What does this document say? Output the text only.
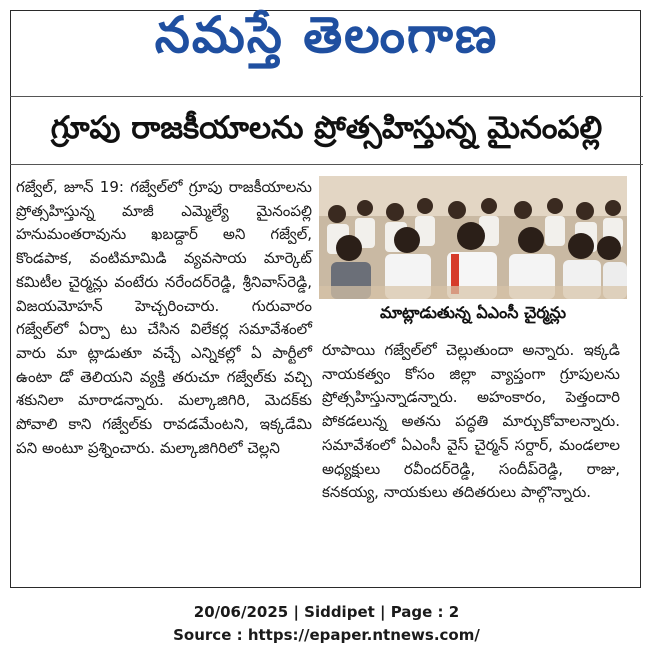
నమస్తే తెలంగాణ
గ్రూపు రాజకీయాలను ప్రోత్సహిస్తున్న మైనంపల్లి
గజ్వేల్, జూన్ 19: గజ్వేల్‌లో గ్రూపు రాజకీయాలను ప్రోత్సహిస్తున్న మాజీ ఎమ్మెల్యే మైనంపల్లి హనుమంతరావును ఖబడ్దార్ అని గజ్వేల్, కొండపాక, వంటిమామిడి వ్యవసాయ మార్కెట్ కమిటీల చైర్మన్లు వంటేరు నరేందర్‌రెడ్డి, శ్రీనివాస్‌రెడ్డి, విజయమోహన్ హెచ్చరించారు. గురువారం గజ్వేల్‌లో ఏర్పా టు చేసిన విలేకర్ల సమావేశంలో వారు మా ట్లాడుతూ వచ్చే ఎన్నికల్లో ఏ పార్టీలో ఉంటా డో తెలియని వ్యక్తి తరుచూ గజ్వేల్‌కు వచ్చి శకునిలా మారాడన్నారు. మల్కాజిగిరి, మెదక్‌కు పోవాలి కాని గజ్వేల్‌కు రావడమేంటని, ఇక్కడేమి పని అంటూ ప్రశ్నించారు. మల్కాజిగిరిలో చెల్లని
మాట్లాడుతున్న ఏఎంసీ చైర్మన్లు
రూపాయి గజ్వేల్‌లో చెల్లుతుందా అన్నారు. ఇక్కడి నాయకత్వం కోసం జిల్లా వ్యాప్తంగా గ్రూపులను ప్రోత్సహిస్తున్నాడన్నారు. అహంకారం, పెత్తందారి పోకడలున్న అతను పద్ధతి మార్చుకోవాలన్నారు. సమావేశంలో ఏఎంసీ వైస్ చైర్మన్ సర్దార్, మండలాల అధ్యక్షులు రవీందర్‌రెడ్డి, సందీప్‌రెడ్డి, రాజు, కనకయ్య, నాయకులు తదితరులు పాల్గొన్నారు.
20/06/2025 | Siddipet | Page : 2
Source : https://epaper.ntnews.com/
